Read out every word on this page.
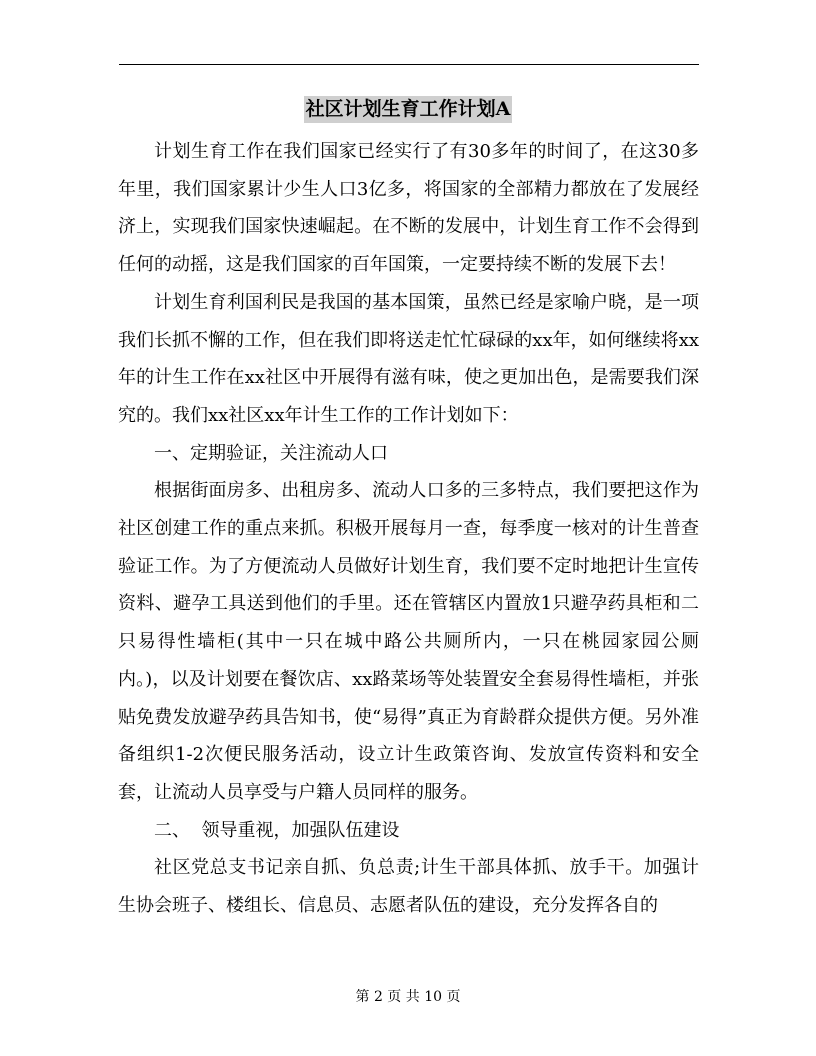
社区计划生育工作计划A

计划生育工作在我们国家已经实行了有30多年的时间了，在这30多年里，我们国家累计少生人口3亿多，将国家的全部精力都放在了发展经济上，实现我们国家快速崛起。在不断的发展中，计划生育工作不会得到任何的动摇，这是我们国家的百年国策，一定要持续不断的发展下去！

计划生育利国利民是我国的基本国策，虽然已经是家喻户晓，是一项我们长抓不懈的工作，但在我们即将送走忙忙碌碌的xx年，如何继续将xx年的计生工作在xx社区中开展得有滋有味，使之更加出色，是需要我们深究的。我们xx社区xx年计生工作的工作计划如下：

一、定期验证，关注流动人口

根据街面房多、出租房多、流动人口多的三多特点，我们要把这作为社区创建工作的重点来抓。积极开展每月一查，每季度一核对的计生普查验证工作。为了方便流动人员做好计划生育，我们要不定时地把计生宣传资料、避孕工具送到他们的手里。还在管辖区内置放1只避孕药具柜和二只易得性墙柜(其中一只在城中路公共厕所内，一只在桃园家园公厕内。)，以及计划要在餐饮店、xx路菜场等处装置安全套易得性墙柜，并张贴免费发放避孕药具告知书，使“易得”真正为育龄群众提供方便。另外准备组织1-2次便民服务活动，设立计生政策咨询、发放宣传资料和安全套，让流动人员享受与户籍人员同样的服务。

二、  领导重视，加强队伍建设

社区党总支书记亲自抓、负总责;计生干部具体抓、放手干。加强计生协会班子、楼组长、信息员、志愿者队伍的建设，充分发挥各自的

第 2 页 共 10 页
